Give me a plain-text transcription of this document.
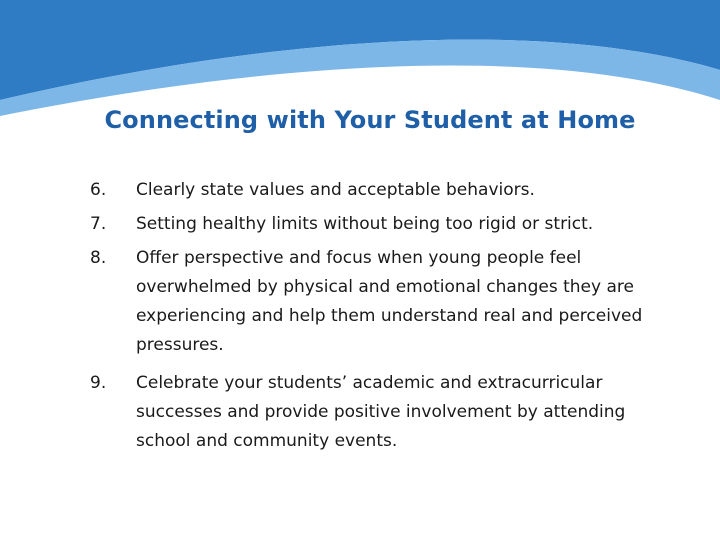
Connecting with Your Student at Home
6.	Clearly state values and acceptable behaviors.
7.	Setting healthy limits without being too rigid or strict.
8.	Offer perspective and focus when young people feel overwhelmed by physical and emotional changes they are experiencing and help them understand real and perceived pressures.
9.	Celebrate your students’ academic and extracurricular successes and provide positive involvement by attending school and community events.
